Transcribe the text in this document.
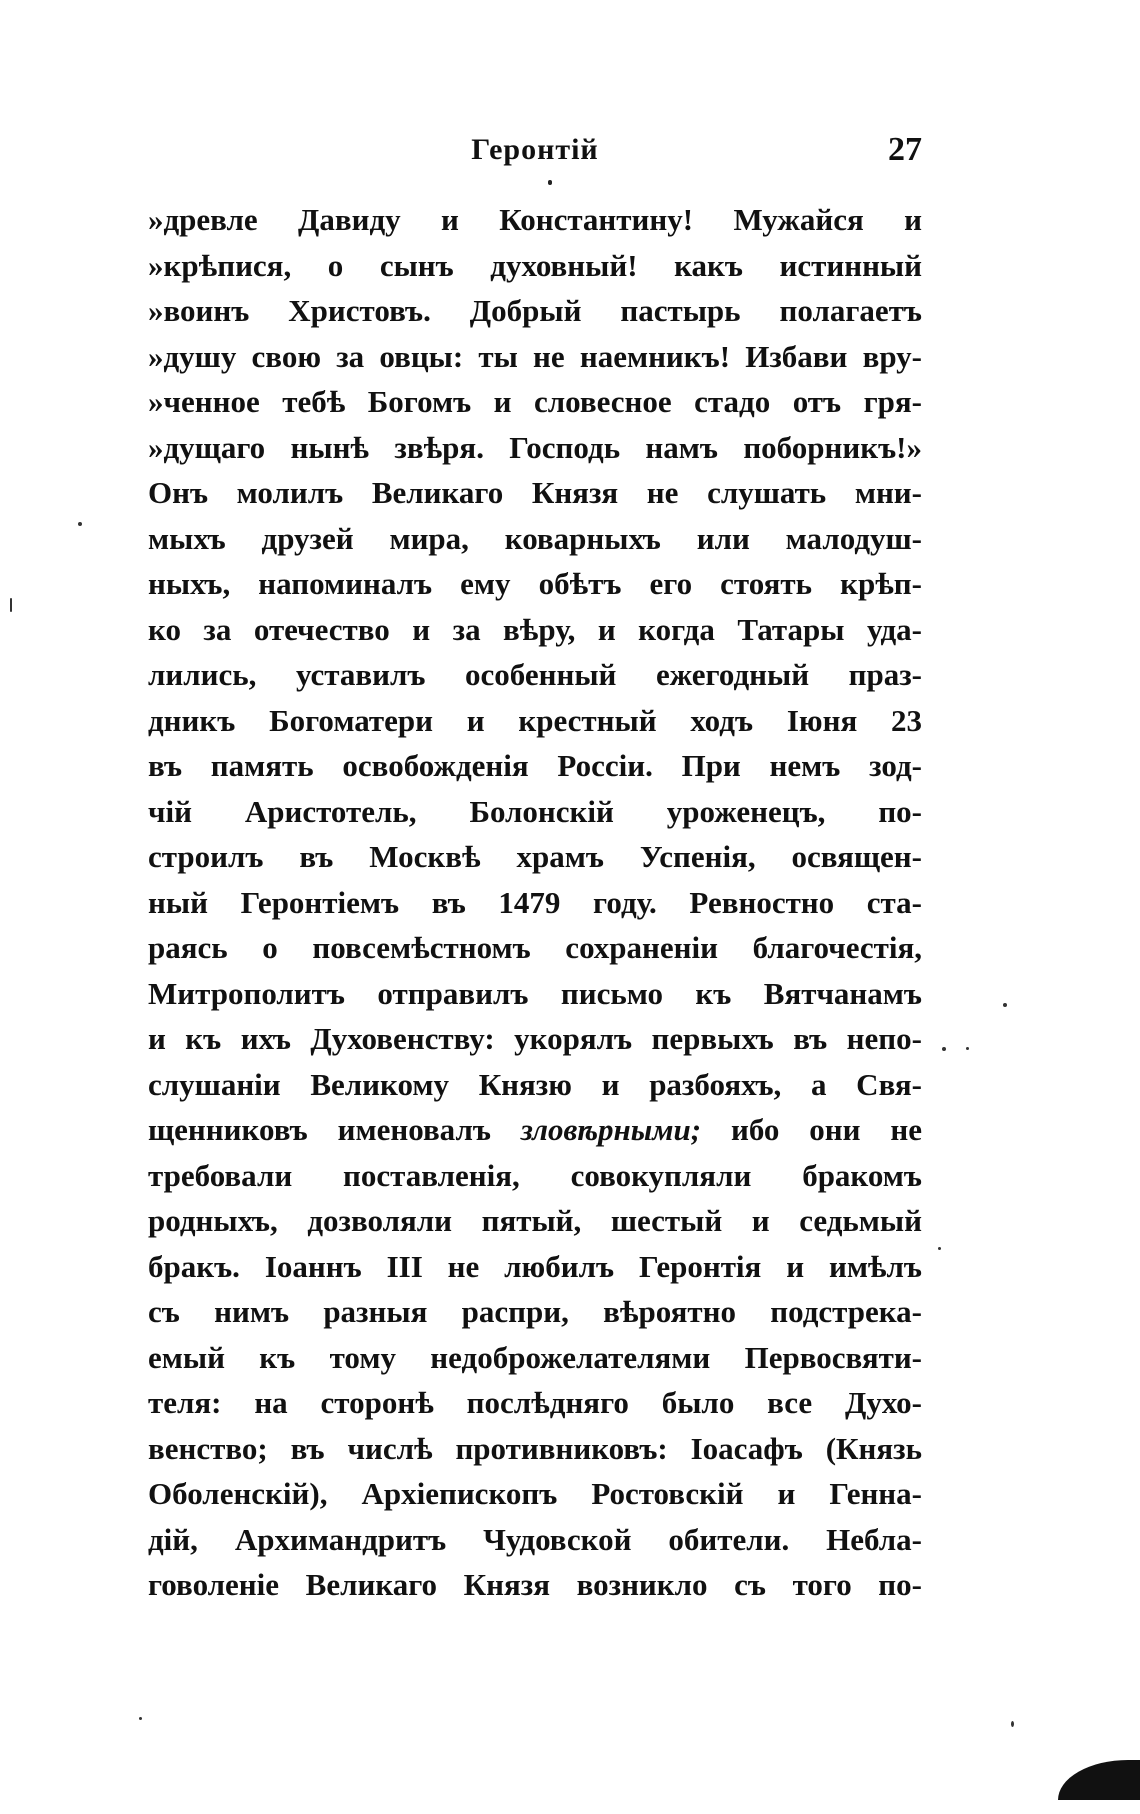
Геронтій	27
»древле Давиду и Константину! Мужайся и
»крѣпися, о сынъ духовный! какъ истинный
»воинъ Христовъ. Добрый пастырь полагаетъ
»душу свою за овцы: ты не наемникъ! Избави вру-
»ченное тебѣ Богомъ и словесное стадо отъ гря-
»дущаго нынѣ звѣря. Господь намъ поборникъ!»
Онъ молилъ Великаго Князя не слушать мни-
мыхъ друзей мира, коварныхъ или малодуш-
ныхъ, напоминалъ ему обѣтъ его стоять крѣп-
ко за отечество и за вѣру, и когда Татары уда-
лились, уставилъ особенный ежегодный праз-
дникъ Богоматери и крестный ходъ Іюня 23
въ память освобожденія Россіи. При немъ зод-
чій Аристотель, Болонскій уроженецъ, по-
строилъ въ Москвѣ храмъ Успенія, освящен-
ный Геронтіемъ въ 1479 году. Ревностно ста-
раясь о повсемѣстномъ сохраненіи благочестія,
Митрополитъ отправилъ письмо къ Вятчанамъ
и къ ихъ Духовенству: укорялъ первыхъ въ непо-
слушаніи Великому Князю и разбояхъ, а Свя-
щенниковъ именовалъ зловѣрными; ибо они не
требовали поставленія, совокупляли бракомъ
родныхъ, дозволяли пятый, шестый и седьмый
бракъ. Іоаннъ III не любилъ Геронтія и имѣлъ
съ нимъ разныя распри, вѣроятно подстрека-
емый къ тому недоброжелателями Первосвяти-
теля: на сторонѣ послѣдняго было все Духо-
венство; въ числѣ противниковъ: Іоасафъ (Князь
Оболенскій), Архіепископъ Ростовскій и Геннa-
дій, Архимандритъ Чудовской обители. Небла-
говоленіе Великаго Князя возникло съ того по-
